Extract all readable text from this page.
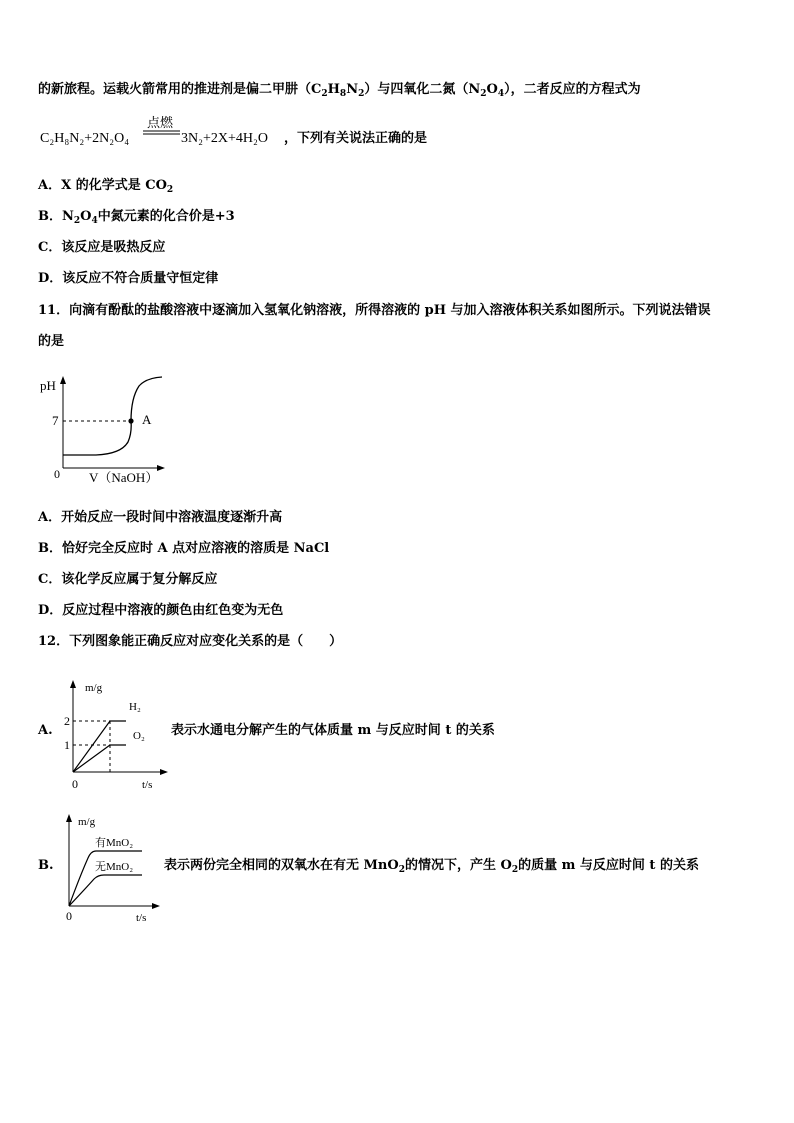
的新旅程。运载火箭常用的推进剂是偏二甲肼$(C_2H_8N_2)$与四氧化二氮$(N_2O_4)$，二者反应的方程式为
C₂H₈N₂+2N₂O₄
点燃
3N₂+2X+4H₂O ，下列有关说法正确的是
A．X 的化学式是 $CO_2$
B．$N_2O_4$中氮元素的化合价是+3
C．该反应是吸热反应
D．该反应不符合质量守恒定律
11．向滴有酚酞的盐酸溶液中逐滴加入氢氧化钠溶液，所得溶液的 pH 与加入溶液体积关系如图所示。下列说法错误
的是
pH
7	A
0 V（NaOH）
A．开始反应一段时间中溶液温度逐渐升高
B．恰好完全反应时 A 点对应溶液的溶质是 NaCl
C．该化学反应属于复分解反应
D．反应过程中溶液的颜色由红色变为无色
12．下列图象能正确反应对应变化关系的是（　　）
A.
m/g
2
1
H₂
O₂
0	t/s
表示水通电分解产生的气体质量 m 与反应时间 t 的关系
B.
m/g
有MnO₂
无MnO₂
0	t/s
表示两份完全相同的双氧水在有无 MnO$_2$的情况下，产生 $O_2$的质量 m 与反应时间 t 的关系
